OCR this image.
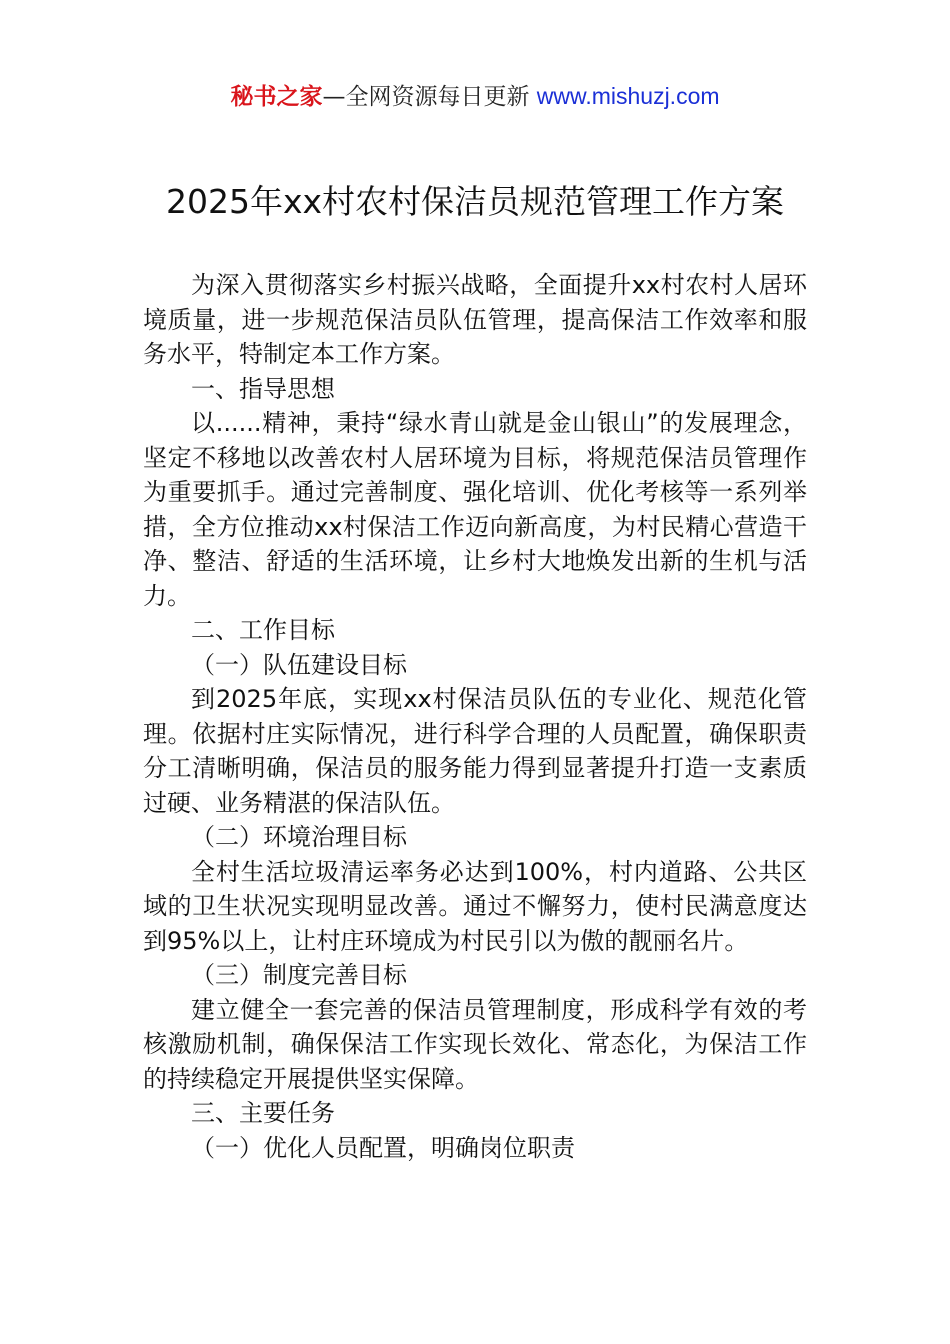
秘书之家—全网资源每日更新 www.mishuzj.com
2025年xx村农村保洁员规范管理工作方案

为深入贯彻落实乡村振兴战略，全面提升xx村农村人居环境质量，进一步规范保洁员队伍管理，提高保洁工作效率和服务水平，特制定本工作方案。

一、指导思想

以......精神，秉持“绿水青山就是金山银山”的发展理念，坚定不移地以改善农村人居环境为目标，将规范保洁员管理作为重要抓手。通过完善制度、强化培训、优化考核等一系列举措，全方位推动xx村保洁工作迈向新高度，为村民精心营造干净、整洁、舒适的生活环境，让乡村大地焕发出新的生机与活力。

二、工作目标

（一）队伍建设目标

到2025年底，实现xx村保洁员队伍的专业化、规范化管理。依据村庄实际情况，进行科学合理的人员配置，确保职责分工清晰明确，保洁员的服务能力得到显著提升打造一支素质过硬、业务精湛的保洁队伍。

（二）环境治理目标

全村生活垃圾清运率务必达到100%，村内道路、公共区域的卫生状况实现明显改善。通过不懈努力，使村民满意度达到95%以上，让村庄环境成为村民引以为傲的靓丽名片。

（三）制度完善目标

建立健全一套完善的保洁员管理制度，形成科学有效的考核激励机制，确保保洁工作实现长效化、常态化，为保洁工作的持续稳定开展提供坚实保障。

三、主要任务

（一）优化人员配置，明确岗位职责
